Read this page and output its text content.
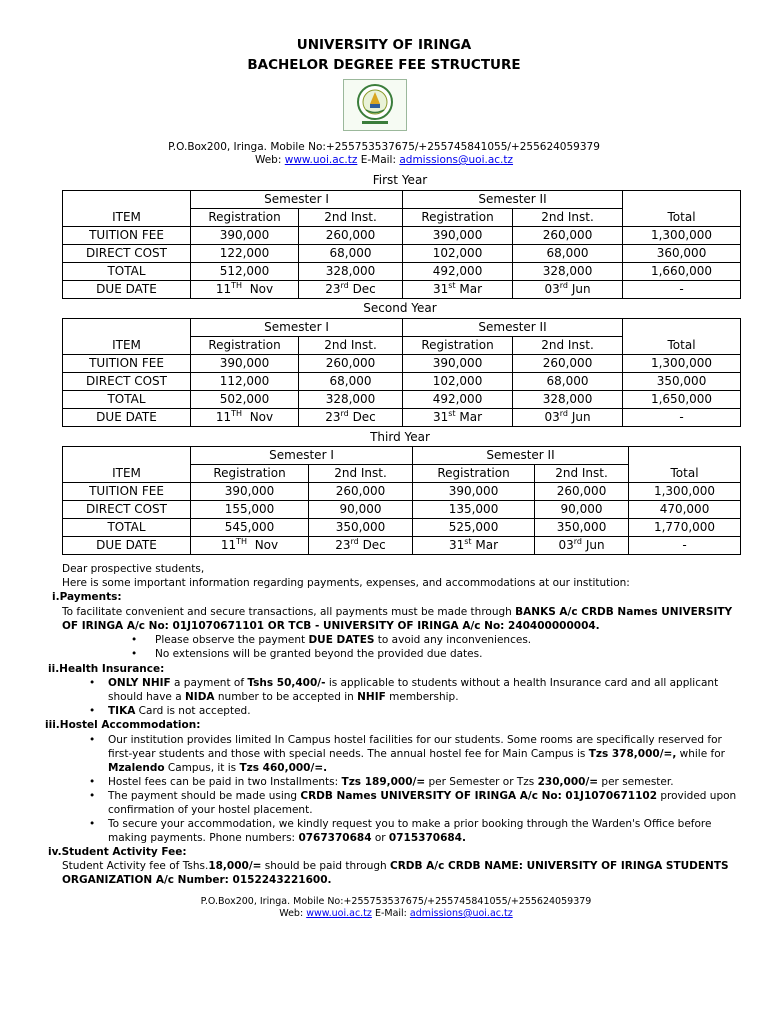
UNIVERSITY OF IRINGA
BACHELOR DEGREE FEE STRUCTURE
P.O.Box200, Iringa. Mobile No:+255753537675/+255745841055/+255624059379
Web: www.uoi.ac.tz E-Mail: admissions@uoi.ac.tz
First Year
	Semester I		Semester II		
ITEM	Registration	2nd Inst.	Registration	2nd Inst.	Total
TUITION FEE	390,000	260,000	390,000	260,000	1,300,000
DIRECT COST	122,000	68,000	102,000	68,000	360,000
TOTAL	512,000	328,000	492,000	328,000	1,660,000
DUE DATE	11TH Nov	23rd Dec	31st Mar	03rd Jun	-
Second Year
	Semester I		Semester II		
ITEM	Registration	2nd Inst.	Registration	2nd Inst.	Total
TUITION FEE	390,000	260,000	390,000	260,000	1,300,000
DIRECT COST	112,000	68,000	102,000	68,000	350,000
TOTAL	502,000	328,000	492,000	328,000	1,650,000
DUE DATE	11TH Nov	23rd Dec	31st Mar	03rd Jun	-
Third Year
	Semester I		Semester II		
ITEM	Registration	2nd Inst.	Registration	2nd Inst.	Total
TUITION FEE	390,000	260,000	390,000	260,000	1,300,000
DIRECT COST	155,000	90,000	135,000	90,000	470,000
TOTAL	545,000	350,000	525,000	350,000	1,770,000
DUE DATE	11TH Nov	23rd Dec	31st Mar	03rd Jun	-
Dear prospective students,
Here is some important information regarding payments, expenses, and accommodations at our institution:
i.Payments:
To facilitate convenient and secure transactions, all payments must be made through BANKS A/c CRDB Names UNIVERSITY
OF IRINGA A/c No: 01J1070671101 OR TCB - UNIVERSITY OF IRINGA A/c No: 240400000004.
• Please observe the payment DUE DATES to avoid any inconveniences.
• No extensions will be granted beyond the provided due dates.
ii.Health Insurance:
• ONLY NHIF a payment of Tshs 50,400/- is applicable to students without a health Insurance card and all applicant
should have a NIDA number to be accepted in NHIF membership.
• TIKA Card is not accepted.
iii.Hostel Accommodation:
• Our institution provides limited In Campus hostel facilities for our students. Some rooms are specifically reserved for
first-year students and those with special needs. The annual hostel fee for Main Campus is Tzs 378,000/=, while for
Mzalendo Campus, it is Tzs 460,000/=.
• Hostel fees can be paid in two Installments: Tzs 189,000/= per Semester or Tzs 230,000/= per semester.
• The payment should be made using CRDB Names UNIVERSITY OF IRINGA A/c No: 01J1070671102 provided upon
confirmation of your hostel placement.
• To secure your accommodation, we kindly request you to make a prior booking through the Warden's Office before
making payments. Phone numbers: 0767370684 or 0715370684.
iv.Student Activity Fee:
Student Activity fee of Tshs.18,000/= should be paid through CRDB A/c CRDB NAME: UNIVERSITY OF IRINGA STUDENTS
ORGANIZATION A/c Number: 0152243221600.
P.O.Box200, Iringa. Mobile No:+255753537675/+255745841055/+255624059379
Web: www.uoi.ac.tz E-Mail: admissions@uoi.ac.tz
